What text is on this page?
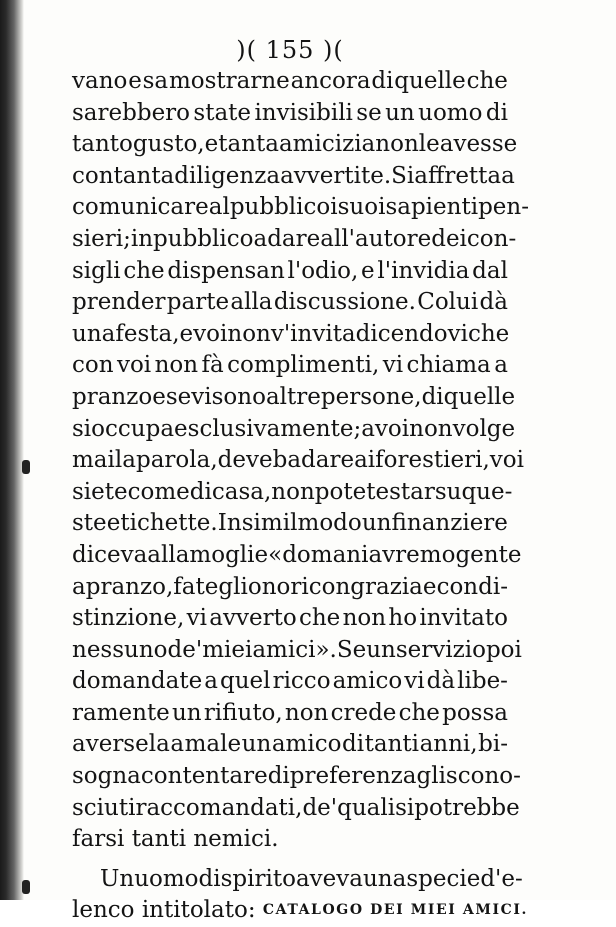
)( 155 )(
vano e sa mostrarne ancora di quelle che
sarebbero state invisibili se un uomo di
tanto gusto, e tanta amicizia non le avesse
con tanta diligenza avvertite. Si affretta a
comunicare al pubblico i suoi sapienti pen-
sieri; in pubblico a dare all'autore dei con-
sigli che dispensan l'odio, e l'invidia dal
prender parte alla discussione. Colui dà
una festa, e voi non v'invita dicendovi che
con voi non fà complimenti, vi chiama a
pranzo e se vi sono altre persone, di quelle
si occupa esclusivamente; a voi non volge
mai la parola, deve badare ai forestieri, voi
siete come di casa, non potete star su que-
ste etichette. In simil modo un finanziere
diceva alla moglie « domani avremo gente
a pranzo, fate gli onori con grazia e con di-
stinzione, vi avverto che non ho invitato
nessuno de' miei amici ». Se un servizio poi
domandate a quel ricco amico vi dà libe-
ramente un rifiuto, non crede che possa
aversela a male un amico di tanti anni, bi-
sogna contentare di preferenza gli scono-
sciuti raccomandati, de' quali si potrebbe
farsi tanti nemici.
Un uomo di spirito aveva una specie d'e-
lenco intitolato: CATALOGO DEI MIEI AMICI.
